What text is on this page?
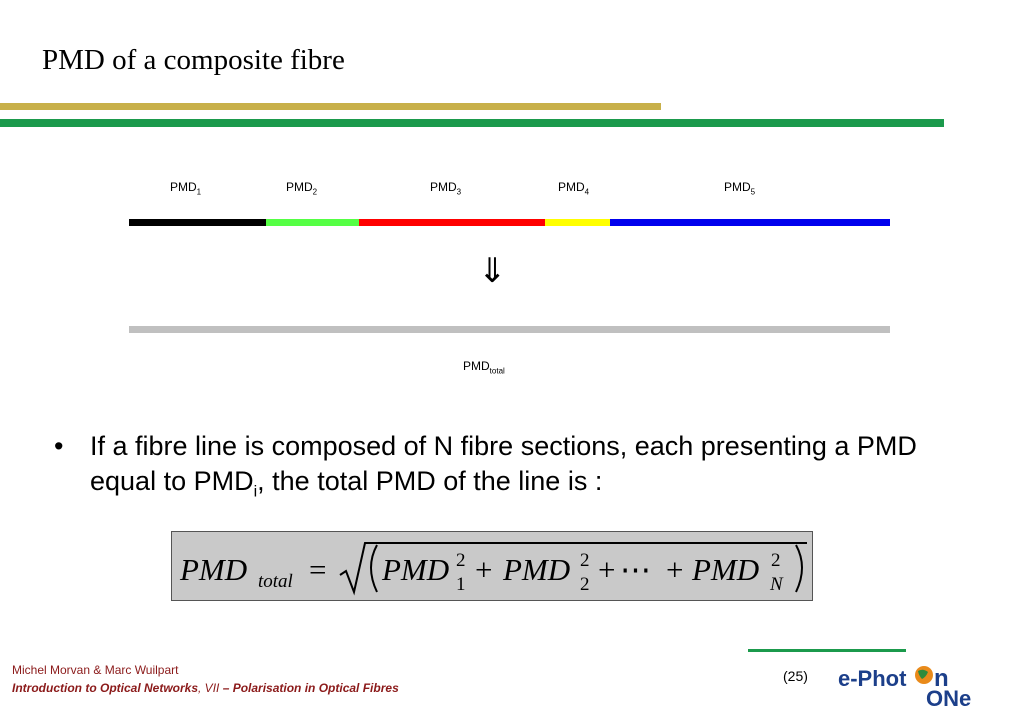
PMD of a composite fibre
$PMD_1$	$PMD_2$	$PMD_3$	$PMD_4$	$PMD_5$
⇓
$PMD_{total}$
• If a fibre line is composed of N fibre sections, each presenting a PMD equal to $PMD_i$, the total PMD of the line is :
PMD total = PMD 2
1 + PMD 2
2 + ⋯ + PMD 2
N
Michel Morvan & Marc Wuilpart
Introduction to Optical Networks, VII – Polarisation in Optical Fibres
(25) e-Phot n
ONe
